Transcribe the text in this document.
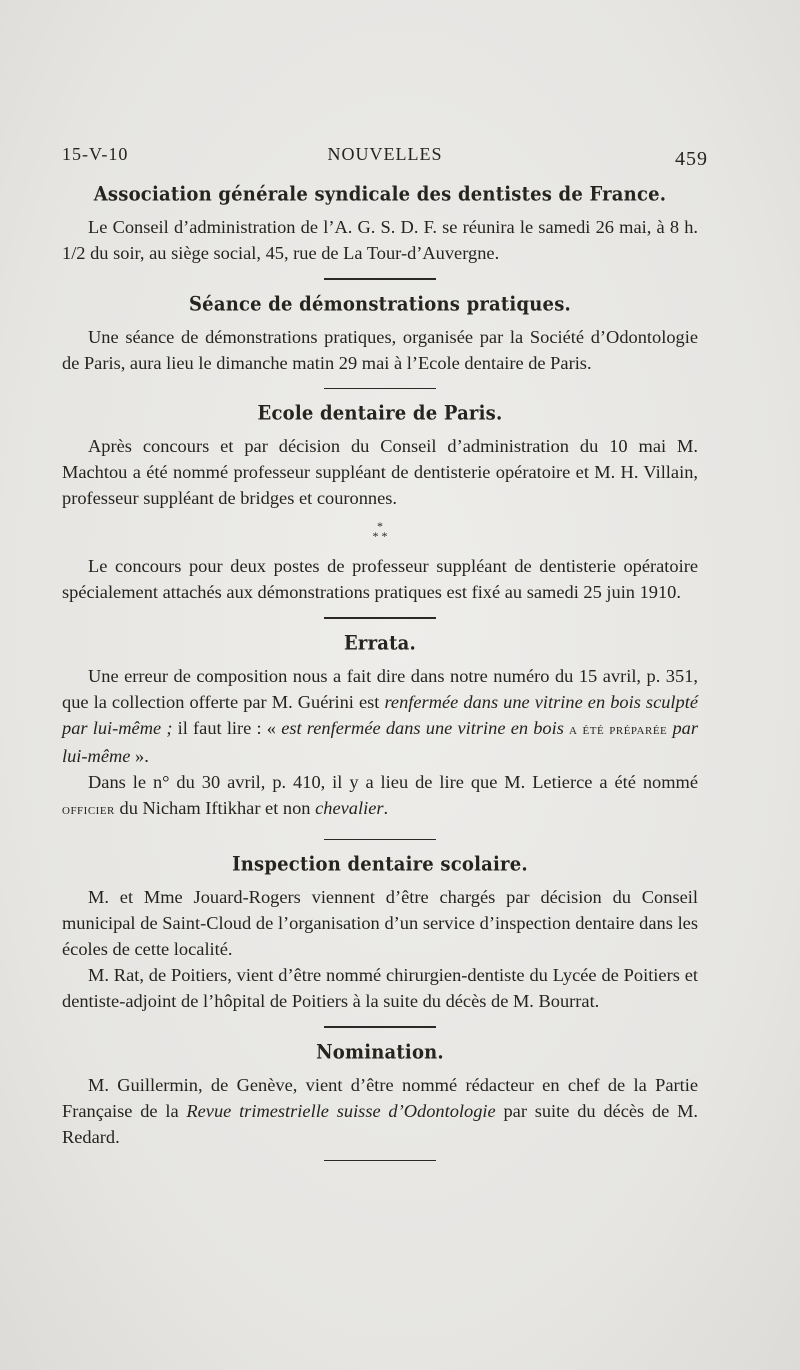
15-V-10	NOUVELLES	459
Association générale syndicale des dentistes de France.

Le Conseil d’administration de l’A. G. S. D. F. se réunira le samedi 26 mai, à 8 h. 1/2 du soir, au siège social, 45, rue de La Tour-d’Auvergne.

Séance de démonstrations pratiques.

Une séance de démonstrations pratiques, organisée par la Société d’Odontologie de Paris, aura lieu le dimanche matin 29 mai à l’Ecole dentaire de Paris.

Ecole dentaire de Paris.

Après concours et par décision du Conseil d’administration du 10 mai M. Machtou a été nommé professeur suppléant de dentisterie opératoire et M. H. Villain, professeur suppléant de bridges et couronnes.

*
* *

Le concours pour deux postes de professeur suppléant de dentisterie opératoire spécialement attachés aux démonstrations pratiques est fixé au samedi 25 juin 1910.

Errata.

Une erreur de composition nous a fait dire dans notre numéro du 15 avril, p. 351, que la collection offerte par M. Guérini est renfermée dans une vitrine en bois sculpté par lui-même ; il faut lire : « est renfermée dans une vitrine en bois a été préparée par lui-même ».

Dans le n° du 30 avril, p. 410, il y a lieu de lire que M. Letierce a été nommé officier du Nicham Iftikhar et non chevalier.

Inspection dentaire scolaire.

M. et Mme Jouard-Rogers viennent d’être chargés par décision du Conseil municipal de Saint-Cloud de l’organisation d’un service d’inspection dentaire dans les écoles de cette localité.

M. Rat, de Poitiers, vient d’être nommé chirurgien-dentiste du Lycée de Poitiers et dentiste-adjoint de l’hôpital de Poitiers à la suite du décès de M. Bourrat.

Nomination.

M. Guillermin, de Genève, vient d’être nommé rédacteur en chef de la Partie Française de la Revue trimestrielle suisse d’Odontologie par suite du décès de M. Redard.
